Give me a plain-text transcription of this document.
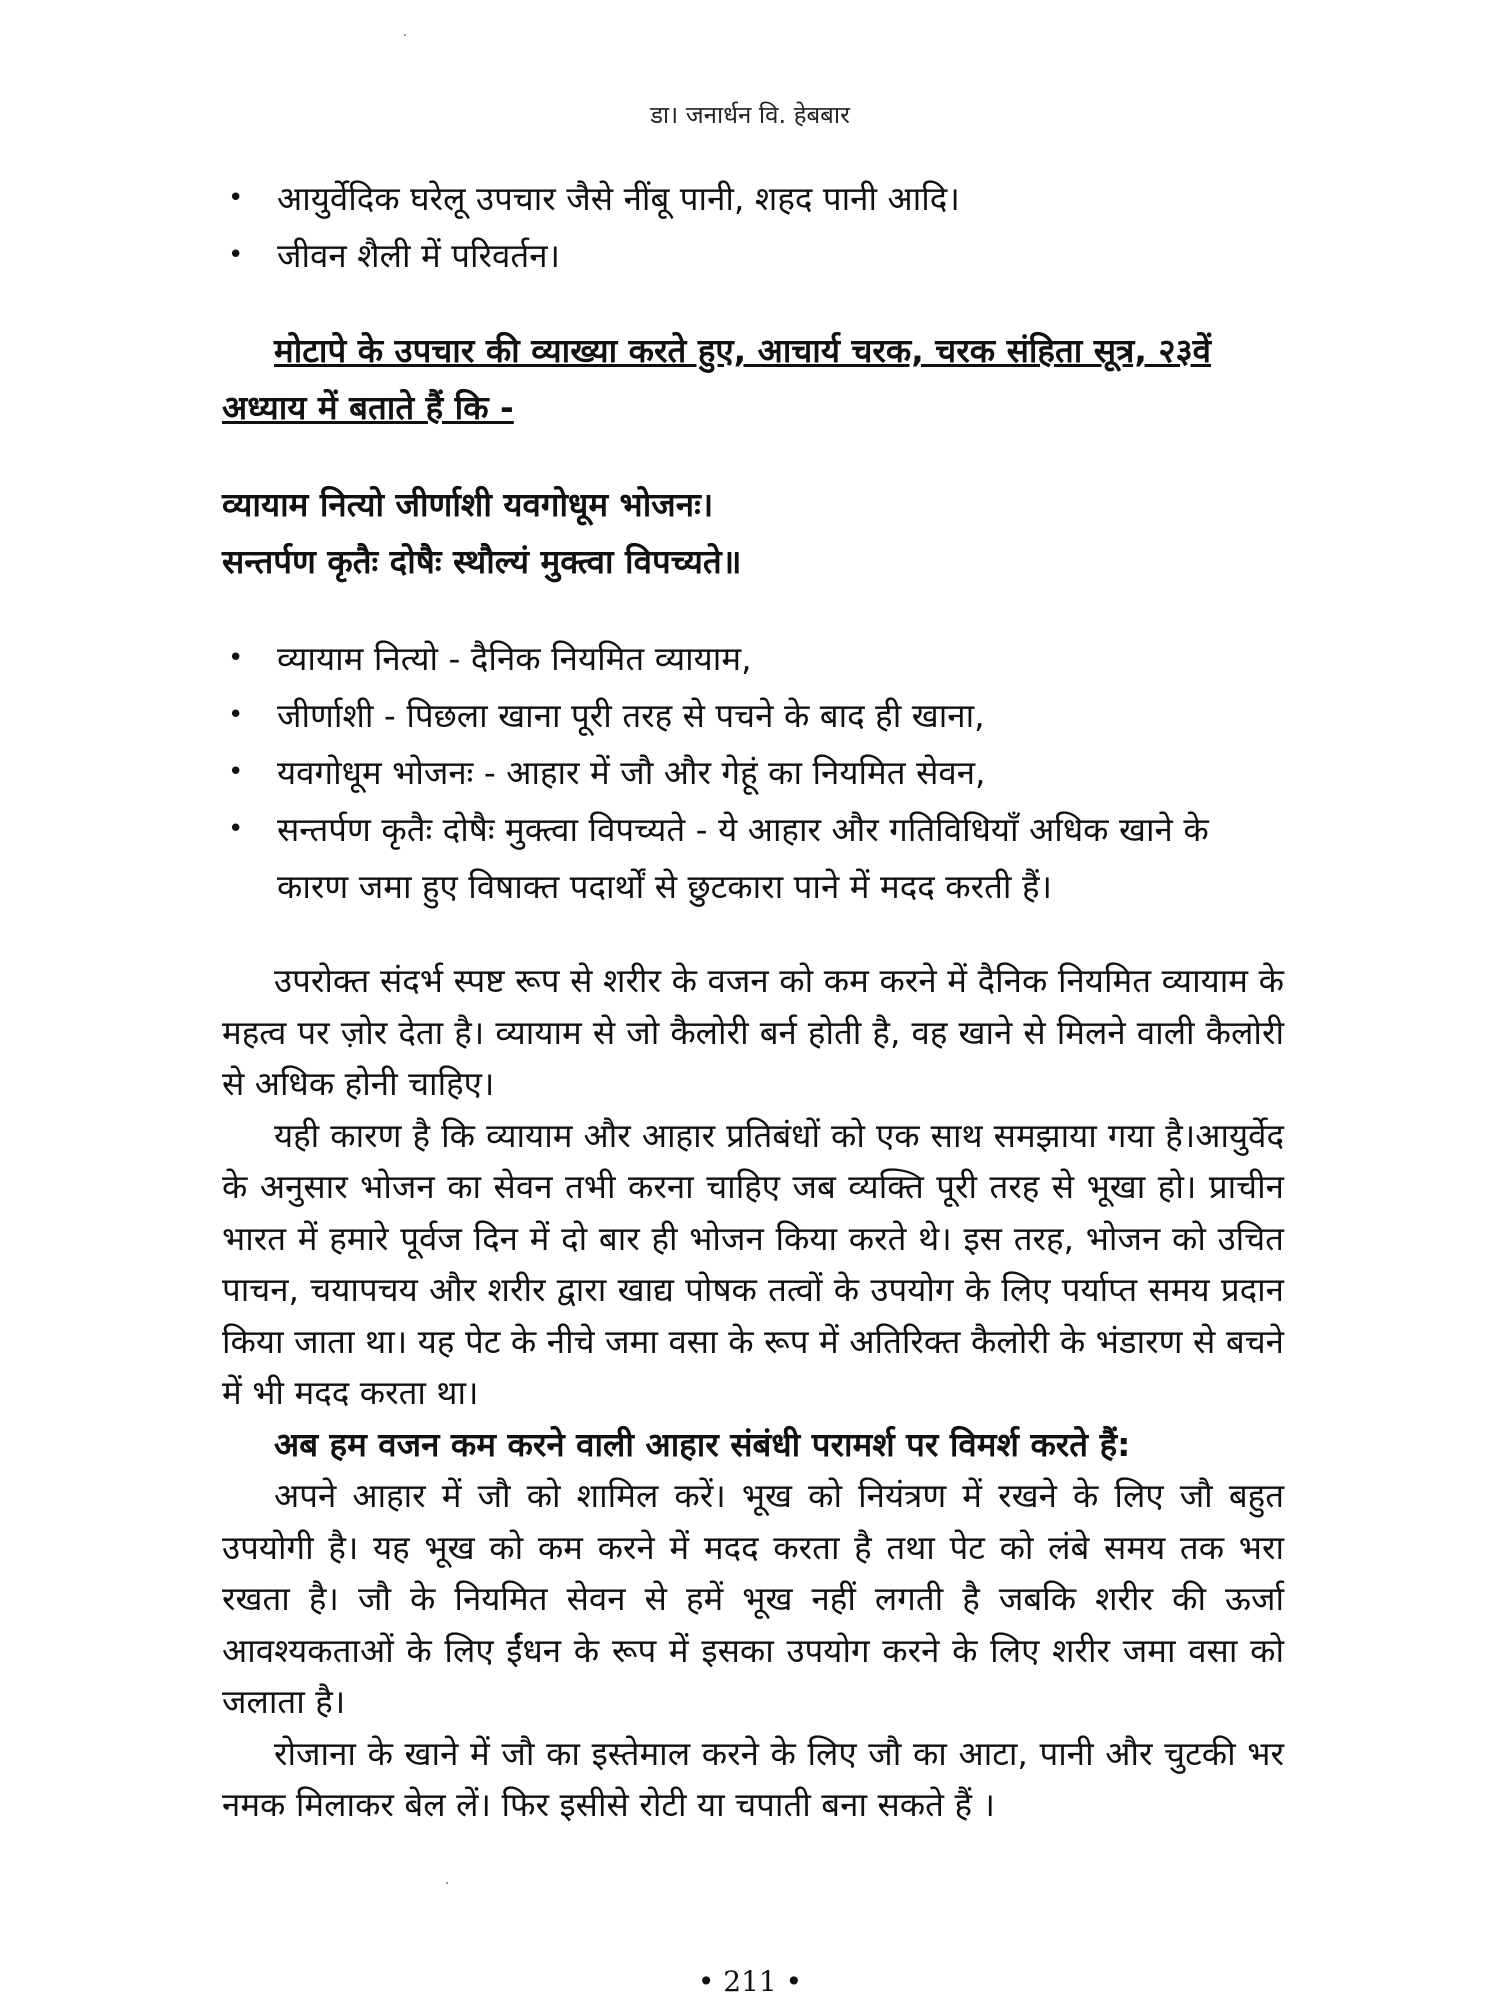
डा। जनार्धन वि. हेबबार
• आयुर्वेदिक घरेलू उपचार जैसे नींबू पानी, शहद पानी आदि।
• जीवन शैली में परिवर्तन।
मोटापे के उपचार की व्याख्या करते हुए, आचार्य चरक, चरक संहिता सूत्र, २३वें अध्याय में बताते हैं कि -
व्यायाम नित्यो जीर्णाशी यवगोधूम भोजनः।
सन्तर्पण कृतैः दोषैः स्थौल्यं मुक्त्वा विपच्यते॥
• व्यायाम नित्यो - दैनिक नियमित व्यायाम,
• जीर्णाशी - पिछला खाना पूरी तरह से पचने के बाद ही खाना,
• यवगोधूम भोजनः - आहार में जौ और गेहूं का नियमित सेवन,
• सन्तर्पण कृतैः दोषैः मुक्त्वा विपच्यते - ये आहार और गतिविधियाँ अधिक खाने के कारण जमा हुए विषाक्त पदार्थों से छुटकारा पाने में मदद करती हैं।

उपरोक्त संदर्भ स्पष्ट रूप से शरीर के वजन को कम करने में दैनिक नियमित व्यायाम के महत्व पर ज़ोर देता है। व्यायाम से जो कैलोरी बर्न होती है, वह खाने से मिलने वाली कैलोरी से अधिक होनी चाहिए।

यही कारण है कि व्यायाम और आहार प्रतिबंधों को एक साथ समझाया गया है।आयुर्वेद के अनुसार भोजन का सेवन तभी करना चाहिए जब व्यक्ति पूरी तरह से भूखा हो। प्राचीन भारत में हमारे पूर्वज दिन में दो बार ही भोजन किया करते थे। इस तरह, भोजन को उचित पाचन, चयापचय और शरीर द्वारा खाद्य पोषक तत्वों के उपयोग के लिए पर्याप्त समय प्रदान किया जाता था। यह पेट के नीचे जमा वसा के रूप में अतिरिक्त कैलोरी के भंडारण से बचने में भी मदद करता था।

अब हम वजन कम करने वाली आहार संबंधी परामर्श पर विमर्श करते हैं:

अपने आहार में जौ को शामिल करें। भूख को नियंत्रण में रखने के लिए जौ बहुत उपयोगी है। यह भूख को कम करने में मदद करता है तथा पेट को लंबे समय तक भरा रखता है। जौ के नियमित सेवन से हमें भूख नहीं लगती है जबकि शरीर की ऊर्जा आवश्यकताओं के लिए ईंधन के रूप में इसका उपयोग करने के लिए शरीर जमा वसा को जलाता है।

रोजाना के खाने में जौ का इस्तेमाल करने के लिए जौ का आटा, पानी और चुटकी भर नमक मिलाकर बेल लें। फिर इसीसे रोटी या चपाती बना सकते हैं ।

• 211 •
